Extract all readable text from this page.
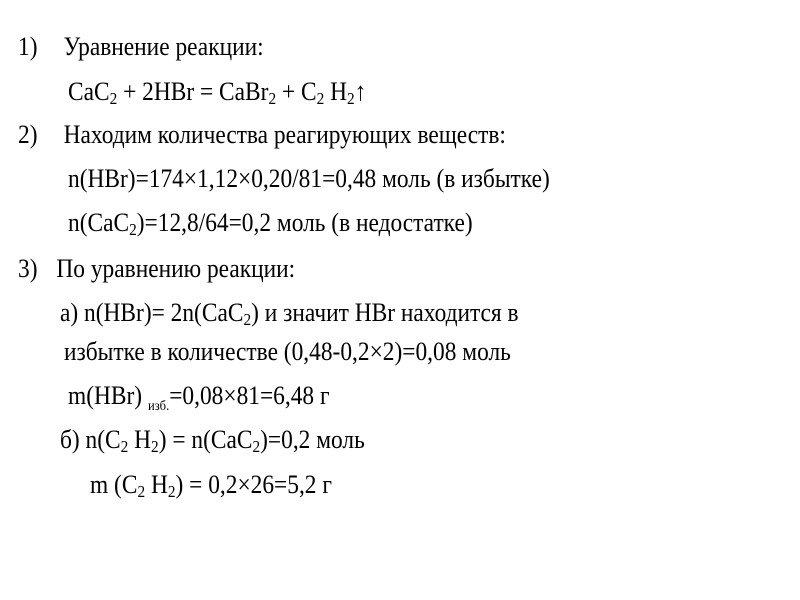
1) Уравнение реакции:
CaC$_2$ + 2HBr = CaBr$_2$ + $C_2$ $H_2↑$
2) Находим количества реагирующих веществ:
n(HBr)=174×1,12×0,20/81=0,48 моль (в избытке)
n(CaC$_2$)=12,8/64=0,2 моль (в недостатке)
3) По уравнению реакции:
а) n(HBr)= 2n(CaC$_2$) и значит HBr находится в
избытке в количестве (0,48-0,2×2)=0,08 моль
m(HBr) $_{изб.}$=0,08×81=6,48 г
б) $n(C_2$ $H_2) = n(CaC_2)=0,2$ моль
m ($C_2$ $H_2) = 0,2\times 26=5,2$ г
